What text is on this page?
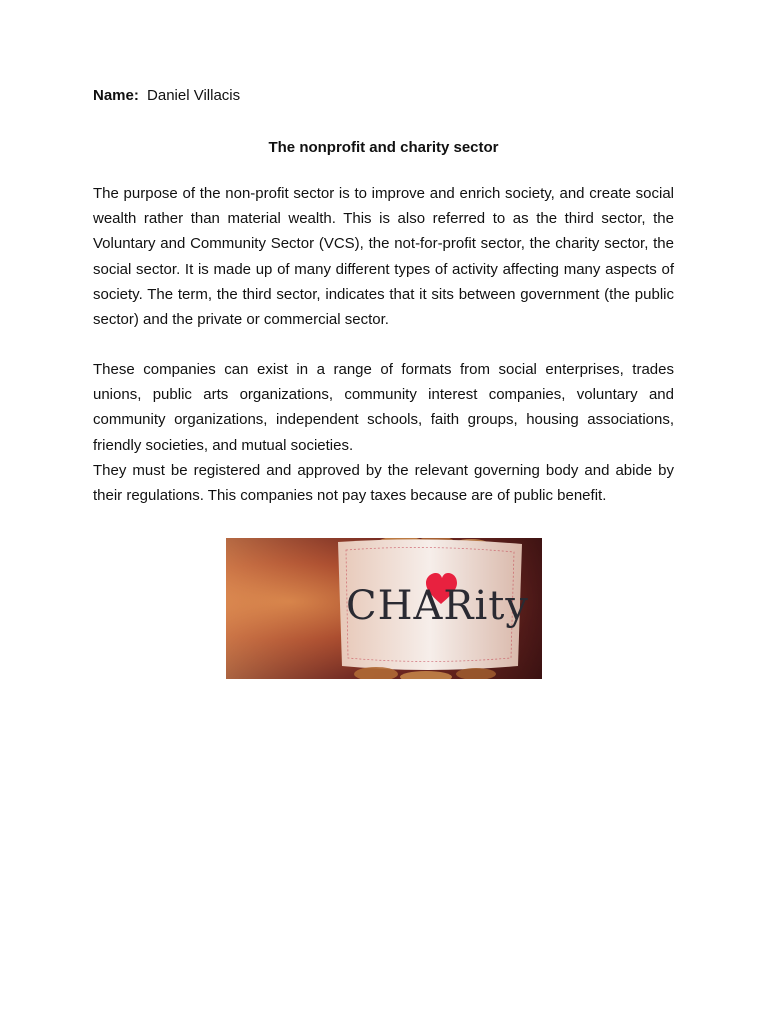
Name: Daniel Villacis
The nonprofit and charity sector

The purpose of the non-profit sector is to improve and enrich society, and create social wealth rather than material wealth. This is also referred to as the third sector, the Voluntary and Community Sector (VCS), the not-for-profit sector, the charity sector, the social sector. It is made up of many different types of activity affecting many aspects of society. The term, the third sector, indicates that it sits between government (the public sector) and the private or commercial sector.

These companies can exist in a range of formats from social enterprises, trades unions, public arts organizations, community interest companies, voluntary and community organizations, independent schools, faith groups, housing associations, friendly societies, and mutual societies.

They must be registered and approved by the relevant governing body and abide by their regulations. This companies not pay taxes because are of public benefit.

CHARity
